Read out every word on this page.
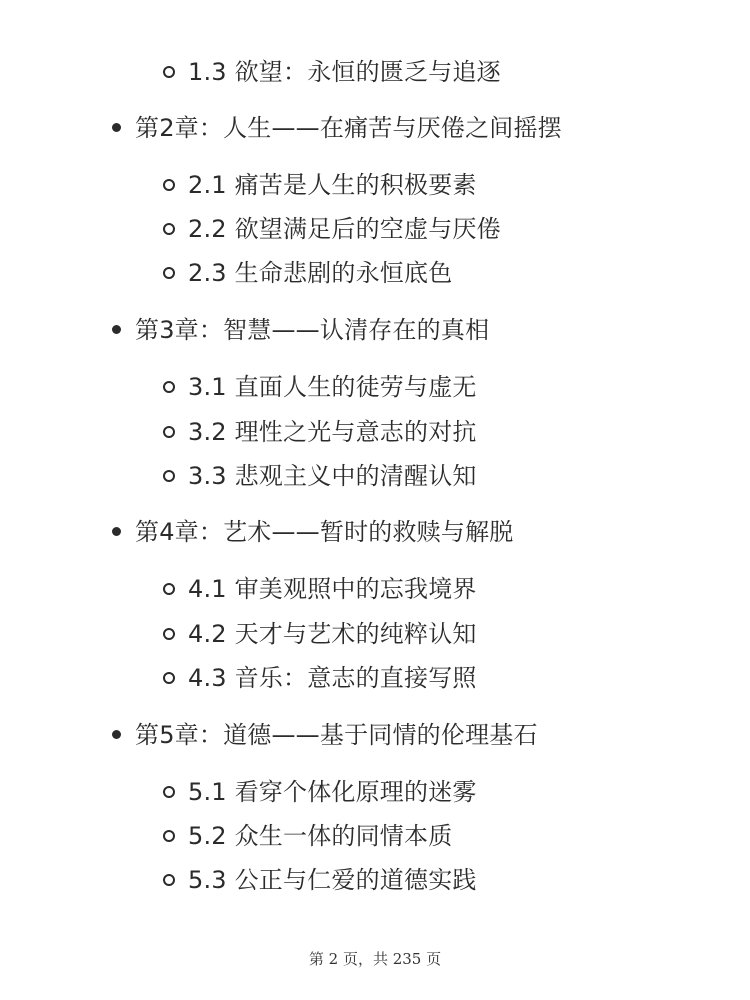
1.3 欲望：永恒的匮乏与追逐
第2章：人生——在痛苦与厌倦之间摇摆
2.1 痛苦是人生的积极要素
2.2 欲望满足后的空虚与厌倦
2.3 生命悲剧的永恒底色
第3章：智慧——认清存在的真相
3.1 直面人生的徒劳与虚无
3.2 理性之光与意志的对抗
3.3 悲观主义中的清醒认知
第4章：艺术——暂时的救赎与解脱
4.1 审美观照中的忘我境界
4.2 天才与艺术的纯粹认知
4.3 音乐：意志的直接写照
第5章：道德——基于同情的伦理基石
5.1 看穿个体化原理的迷雾
5.2 众生一体的同情本质
5.3 公正与仁爱的道德实践
第 2 页，共 235 页
